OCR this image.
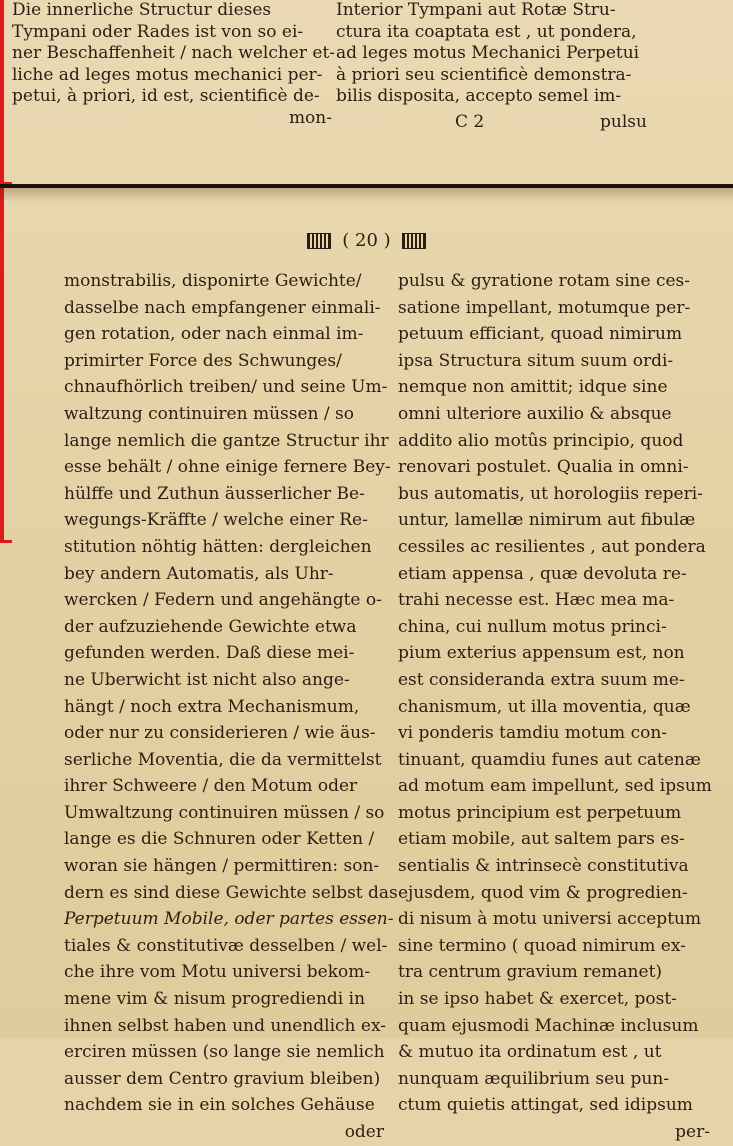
Die innerliche Structur dieses
Tympani oder Rades ist von so ei-
ner Beschaffenheit / nach welcher et-
liche ad leges motus mechanici per-
petui, à priori, id est, scientificè de-
mon-
Interior Tympani aut Rotæ Stru-
ctura ita coaptata est , ut pondera,
ad leges motus Mechanici Perpetui
à priori seu scientificè demonstra-
bilis disposita, accepto semel im-
C 2	pulsu
( 20 )
monstrabilis, disponirte Gewichte/
dasselbe nach empfangener einmali-
gen rotation, oder nach einmal im-
primirter Force des Schwunges/
chnaufhörlich treiben/ und seine Um-
waltzung continuiren müssen / so
lange nemlich die gantze Structur ihr
esse behält / ohne einige fernere Bey-
hülffe und Zuthun äusserlicher Be-
wegungs-Kräffte / welche einer Re-
stitution nöhtig hätten: dergleichen
bey andern Automatis, als Uhr-
wercken / Federn und angehängte o-
der aufzuziehende Gewichte etwa
gefunden werden. Daß diese mei-
ne Uberwicht ist nicht also ange-
hängt / noch extra Mechanismum,
oder nur zu considerieren / wie äus-
serliche Moventia, die da vermittelst
ihrer Schweere / den Motum oder
Umwaltzung continuiren müssen / so
lange es die Schnuren oder Ketten /
woran sie hängen / permittiren: son-
dern es sind diese Gewichte selbst das
Perpetuum Mobile, oder partes essen-
tiales & constitutivæ desselben / wel-
che ihre vom Motu universi bekom-
mene vim & nisum progrediendi in
ihnen selbst haben und unendlich ex-
erciren müssen (so lange sie nemlich
ausser dem Centro gravium bleiben)
nachdem sie in ein solches Gehäuse
oder
pulsu & gyratione rotam sine ces-
satione impellant, motumque per-
petuum efficiant, quoad nimirum
ipsa Structura situm suum ordi-
nemque non amittit; idque sine
omni ulteriore auxilio & absque
addito alio motûs principio, quod
renovari postulet. Qualia in omni-
bus automatis, ut horologiis reperi-
untur, lamellæ nimirum aut fibulæ
cessiles ac resilientes , aut pondera
etiam appensa , quæ devoluta re-
trahi necesse est. Hæc mea ma-
china, cui nullum motus princi-
pium exterius appensum est, non
est consideranda extra suum me-
chanismum, ut illa moventia, quæ
vi ponderis tamdiu motum con-
tinuant, quamdiu funes aut catenæ
ad motum eam impellunt, sed ipsum
motus principium est perpetuum
etiam mobile, aut saltem pars es-
sentialis & intrinsecè constitutiva
ejusdem, quod vim & progredien-
di nisum à motu universi acceptum
sine termino ( quoad nimirum ex-
tra centrum gravium remanet)
in se ipso habet & exercet, post-
quam ejusmodi Machinæ inclusum
& mutuo ita ordinatum est , ut
nunquam æquilibrium seu pun-
ctum quietis attingat, sed idipsum
per-
